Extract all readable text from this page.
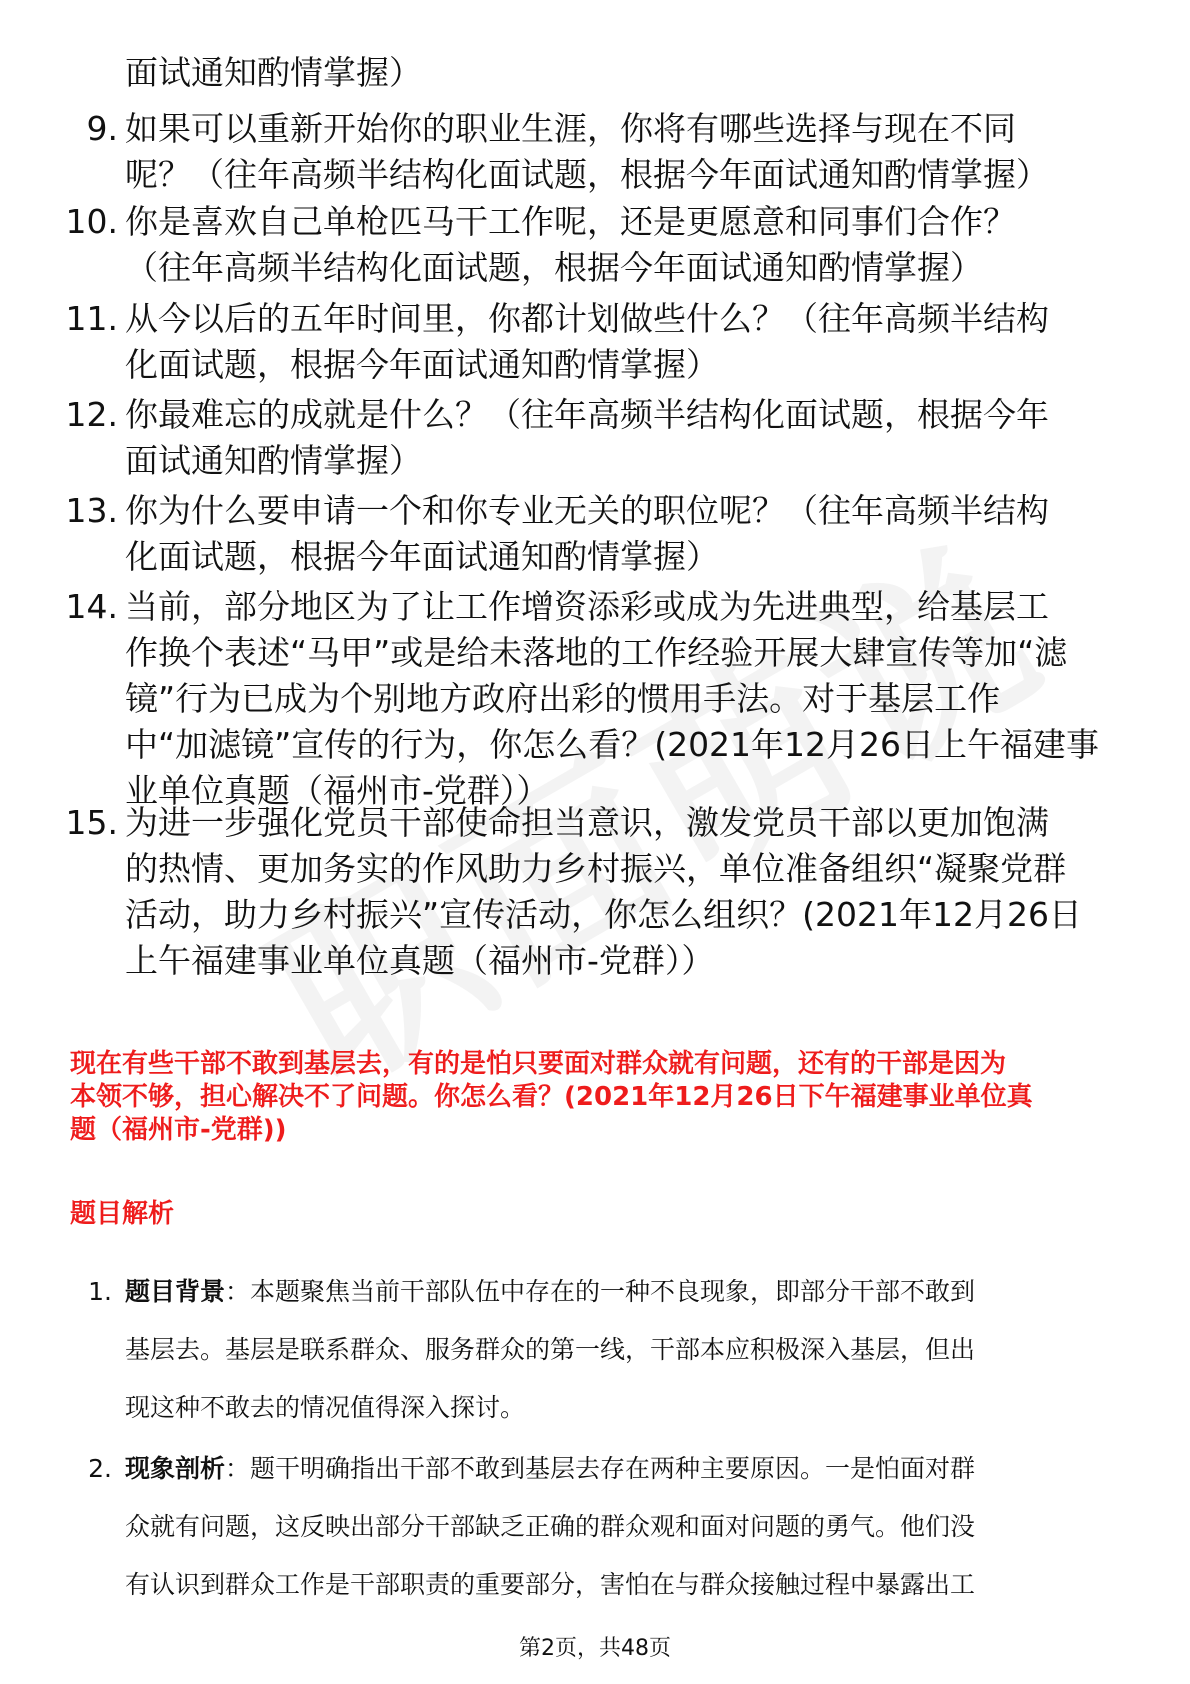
面试通知酌情掌握）
9. 如果可以重新开始你的职业生涯，你将有哪些选择与现在不同
呢？（往年高频半结构化面试题，根据今年面试通知酌情掌握）
10. 你是喜欢自己单枪匹马干工作呢，还是更愿意和同事们合作？
（往年高频半结构化面试题，根据今年面试通知酌情掌握）
11. 从今以后的五年时间里，你都计划做些什么？（往年高频半结构
化面试题，根据今年面试通知酌情掌握）
12. 你最难忘的成就是什么？（往年高频半结构化面试题，根据今年
面试通知酌情掌握）
13. 你为什么要申请一个和你专业无关的职位呢？（往年高频半结构
化面试题，根据今年面试通知酌情掌握）
14. 当前，部分地区为了让工作增资添彩或成为先进典型，给基层工
作换个表述“马甲”或是给未落地的工作经验开展大肆宣传等加“滤
镜”行为已成为个别地方政府出彩的惯用手法。对于基层工作
中“加滤镜”宣传的行为，你怎么看？(2021年12月26日上午福建事
业单位真题（福州市-党群））
15. 为进一步强化党员干部使命担当意识，激发党员干部以更加饱满
的热情、更加务实的作风助力乡村振兴，单位准备组织“凝聚党群
活动，助力乡村振兴”宣传活动，你怎么组织？(2021年12月26日
上午福建事业单位真题（福州市-党群））
现在有些干部不敢到基层去，有的是怕只要面对群众就有问题，还有的干部是因为
本领不够，担心解决不了问题。你怎么看？(2021年12月26日下午福建事业单位真
题（福州市-党群))
题目解析
1. 题目背景：本题聚焦当前干部队伍中存在的一种不良现象，即部分干部不敢到
基层去。基层是联系群众、服务群众的第一线，干部本应积极深入基层，但出
现这种不敢去的情况值得深入探讨。
2. 现象剖析：题干明确指出干部不敢到基层去存在两种主要原因。一是怕面对群
众就有问题，这反映出部分干部缺乏正确的群众观和面对问题的勇气。他们没
有认识到群众工作是干部职责的重要部分，害怕在与群众接触过程中暴露出工
第2页，共48页
